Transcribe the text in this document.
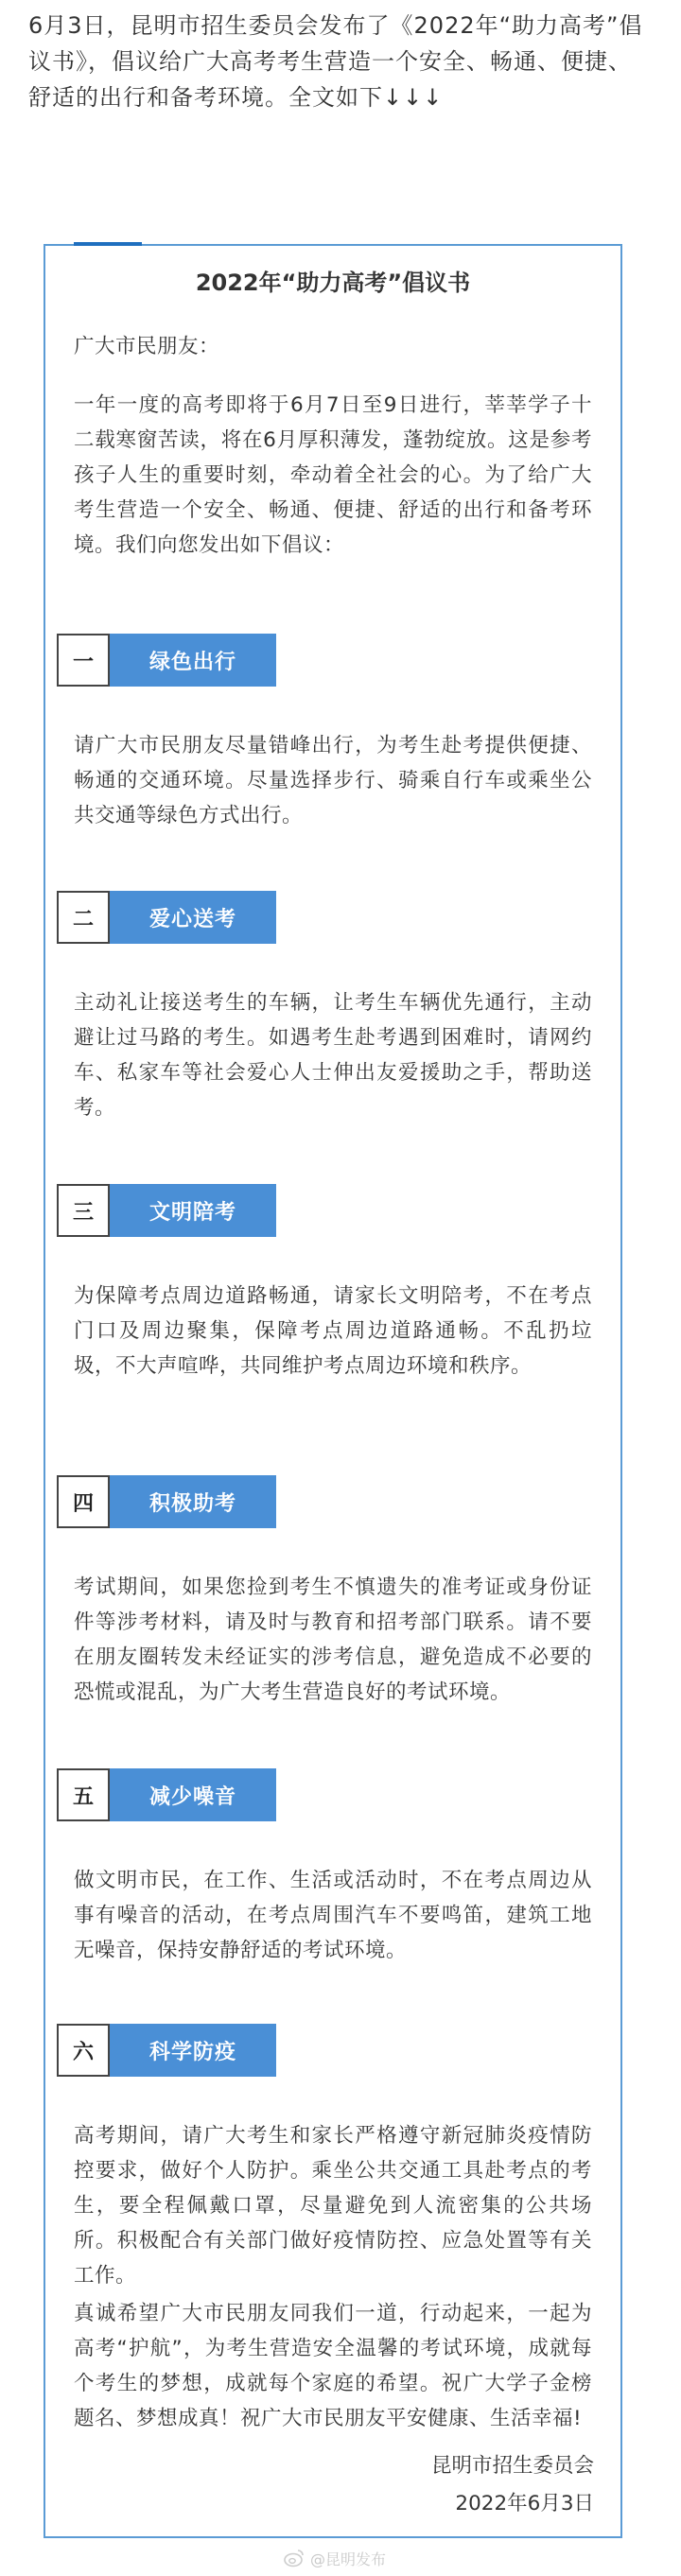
6月3日，昆明市招生委员会发布了《2022年“助力高考”倡议书》，倡议给广大高考考生营造一个安全、畅通、便捷、舒适的出行和备考环境。全文如下↓↓↓

2022年“助力高考”倡议书

广大市民朋友：

一年一度的高考即将于6月7日至9日进行，莘莘学子十二载寒窗苦读，将在6月厚积薄发，蓬勃绽放。这是参考孩子人生的重要时刻，牵动着全社会的心。为了给广大考生营造一个安全、畅通、便捷、舒适的出行和备考环境。我们向您发出如下倡议：

一	绿色出行

请广大市民朋友尽量错峰出行，为考生赴考提供便捷、畅通的交通环境。尽量选择步行、骑乘自行车或乘坐公共交通等绿色方式出行。

二	爱心送考

主动礼让接送考生的车辆，让考生车辆优先通行，主动避让过马路的考生。如遇考生赴考遇到困难时，请网约车、私家车等社会爱心人士伸出友爱援助之手，帮助送考。

三	文明陪考

为保障考点周边道路畅通，请家长文明陪考，不在考点门口及周边聚集，保障考点周边道路通畅。不乱扔垃圾，不大声喧哗，共同维护考点周边环境和秩序。

四	积极助考

考试期间，如果您捡到考生不慎遗失的准考证或身份证件等涉考材料，请及时与教育和招考部门联系。请不要在朋友圈转发未经证实的涉考信息，避免造成不必要的恐慌或混乱，为广大考生营造良好的考试环境。

五	减少噪音

做文明市民，在工作、生活或活动时，不在考点周边从事有噪音的活动，在考点周围汽车不要鸣笛，建筑工地无噪音，保持安静舒适的考试环境。

六	科学防疫

高考期间，请广大考生和家长严格遵守新冠肺炎疫情防控要求，做好个人防护。乘坐公共交通工具赴考点的考生，要全程佩戴口罩，尽量避免到人流密集的公共场所。积极配合有关部门做好疫情防控、应急处置等有关工作。

真诚希望广大市民朋友同我们一道，行动起来，一起为高考“护航”，为考生营造安全温馨的考试环境，成就每个考生的梦想，成就每个家庭的希望。祝广大学子金榜题名、梦想成真！祝广大市民朋友平安健康、生活幸福!

昆明市招生委员会

2022年6月3日

@昆明发布
